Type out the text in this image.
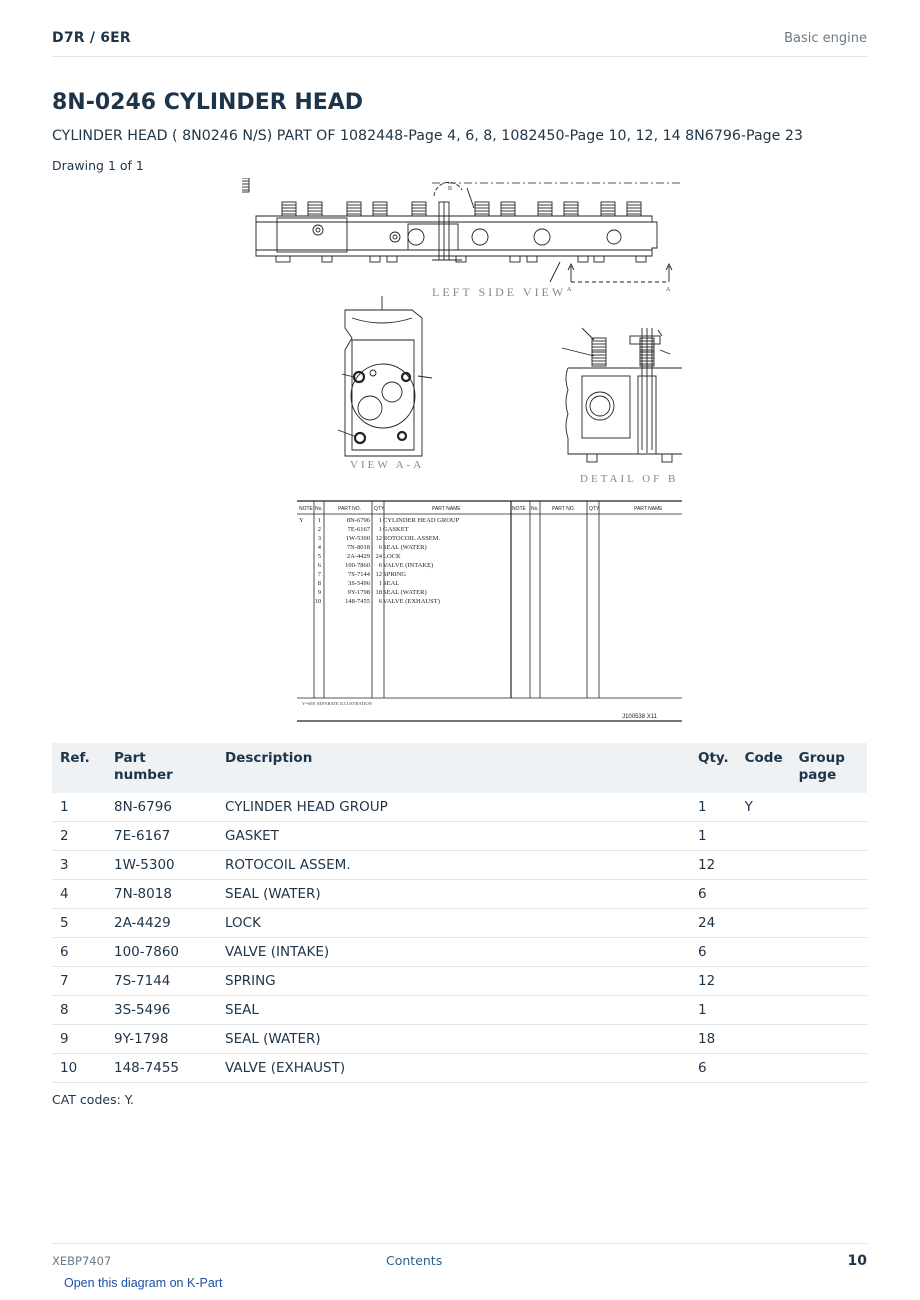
D7R / 6ER	Basic engine
8N-0246 CYLINDER HEAD
CYLINDER HEAD ( 8N0246 N/S) PART OF 1082448-Page 4, 6, 8, 1082450-Page 10, 12, 14 8N6796-Page 23
Drawing 1 of 1
LEFT SIDE VIEW A	A
B
VIEW A-A
DETAIL OF B
NOTE No.	PART NO.	QTY.	PART NAME	NOTE No.	PART NO.	QTY.	PART NAME
Y 1	8N-6796 1 CYLINDER HEAD GROUP
2	7E-6167 1 GASKET
3	1W-5300 12 ROTOCOIL ASSEM.
4	7N-8018 6 SEAL (WATER)
5	2A-4429 24 LOCK
6	100-7860 6 VALVE (INTAKE)
7	7S-7144 12 SPRING
8	3S-5496 1 SEAL
9	9Y-1798 18 SEAL (WATER)
10	148-7455 6 VALVE (EXHAUST)
Y=SEE SEPARATE ILLUSTRATION
J100538 X11
Ref.	Part number	Description	Qty.	Code	Group page
1	8N-6796	CYLINDER HEAD GROUP	1	Y	
2	7E-6167	GASKET	1		
3	1W-5300	ROTOCOIL ASSEM.	12		
4	7N-8018	SEAL (WATER)	6		
5	2A-4429	LOCK	24		
6	100-7860	VALVE (INTAKE)	6		
7	7S-7144	SPRING	12		
8	3S-5496	SEAL	1		
9	9Y-1798	SEAL (WATER)	18		
10	148-7455	VALVE (EXHAUST)	6		
CAT codes: Y.
XEBP7407	Contents	10
Open this diagram on K-Part
